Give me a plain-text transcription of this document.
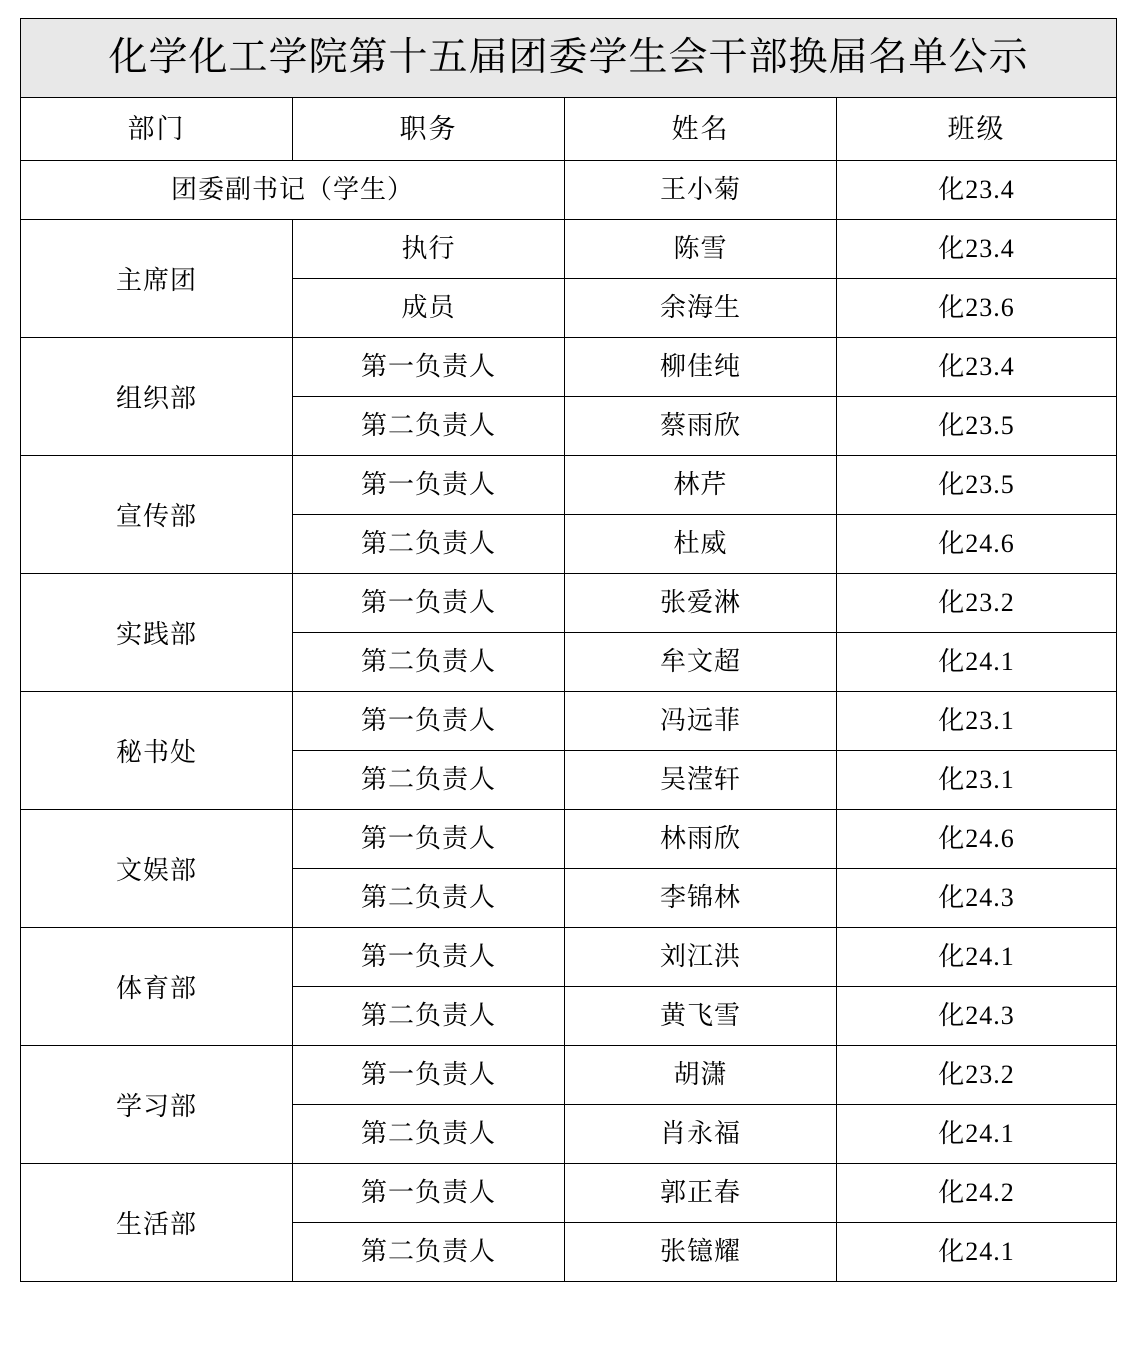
化学化工学院第十五届团委学生会干部换届名单公示			
部门	职务	姓名	班级
团委副书记（学生）		王小菊	化23.4
主席团	执行	陈雪	化23.4
	成员	余海生	化23.6
组织部	第一负责人	柳佳纯	化23.4
	第二负责人	蔡雨欣	化23.5
宣传部	第一负责人	林芹	化23.5
	第二负责人	杜威	化24.6
实践部	第一负责人	张爱淋	化23.2
	第二负责人	牟文超	化24.1
秘书处	第一负责人	冯远菲	化23.1
	第二负责人	吴滢轩	化23.1
文娱部	第一负责人	林雨欣	化24.6
	第二负责人	李锦林	化24.3
体育部	第一负责人	刘江洪	化24.1
	第二负责人	黄飞雪	化24.3
学习部	第一负责人	胡潇	化23.2
	第二负责人	肖永福	化24.1
生活部	第一负责人	郭正春	化24.2
	第二负责人	张镱耀	化24.1
